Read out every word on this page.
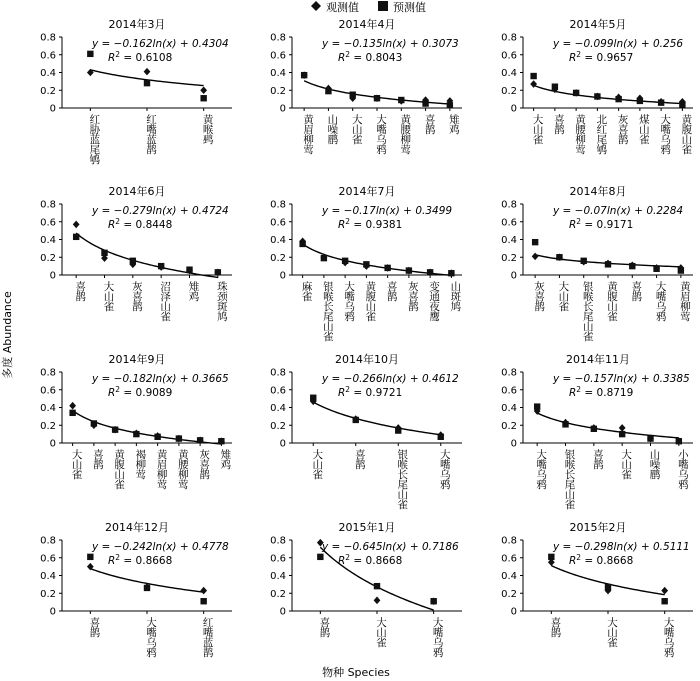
观测值	预测值
多度 Abundance
物种 Species
2014年3月
0
0.2
0.4
0.6
0.8
红胁蓝尾鸲	红嘴蓝鹊	黄喉鹀
y = −0.162ln(x) + 0.4304
$R^2 = 0.6108$
2014年4月
0
0.2
0.4
0.6
0.8
黄眉柳莺 山噪鹛 大山雀 大嘴乌鸦 黄腰柳莺 喜鹊 雉鸡
y = −0.135ln(x) + 0.3073
$R^2 = 0.8043$
2014年5月
0
0.2
0.4
0.6
0.8
大山雀 喜鹊 黄腰柳莺 北红尾鸲 灰喜鹊 煤山雀 大嘴乌鸦 黄腹山雀
y = −0.099ln(x) + 0.256
$R^2 = 0.9657$
2014年6月
0
0.2
0.4
0.6
0.8
喜鹊 大山雀 灰喜鹊 沼泽山雀 雉鸡 珠颈斑鸠
y = −0.279ln(x) + 0.4724
$R^2 = 0.8448$
2014年7月
0
0.2
0.4
0.6
0.8
麻雀 银喉长尾山雀 大嘴乌鸦 黄腹山雀 喜鹊 灰喜鹊 变通夜鹰 山斑鸠
y = −0.17ln(x) + 0.3499
$R^2 = 0.9381$
2014年8月
0
0.2
0.4
0.6
0.8
灰喜鹊 大山雀 银喉长尾山雀 黄腹山雀 喜鹊 大嘴乌鸦 黄眉柳莺
y = −0.07ln(x) + 0.2284
$R^2 = 0.9171$
2014年9月
0
0.2
0.4
0.6
0.8
大山雀 喜鹊 黄腹山雀 褐柳莺 黄眉柳莺 黄腰柳莺 灰喜鹊 雉鸡
y = −0.182ln(x) + 0.3665
$R^2 = 0.9089$
2014年10月
0
0.2
0.4
0.6
0.8
大山雀	喜鹊	银喉长尾山雀	大嘴乌鸦
y = −0.266ln(x) + 0.4612
$R^2 = 0.9721$
2014年11月
0
0.2
0.4
0.6
0.8
大嘴乌鸦 银喉长尾山雀 喜鹊 大山雀 山噪鹛 小嘴乌鸦
y = −0.157ln(x) + 0.3385
$R^2 = 0.8719$
2014年12月
0
0.2
0.4
0.6
0.8
喜鹊	大嘴乌鸦	红嘴蓝鹊
y = −0.242ln(x) + 0.4778
$R^2 = 0.8668$
2015年1月
0
0.2
0.4
0.6
0.8
喜鹊	大山雀	大嘴乌鸦
y = −0.645ln(x) + 0.7186
$R^2 = 0.8668$
2015年2月
0
0.2
0.4
0.6
0.8
喜鹊	大山雀	大嘴乌鸦
y = −0.298ln(x) + 0.5111
$R^2 = 0.8668$
